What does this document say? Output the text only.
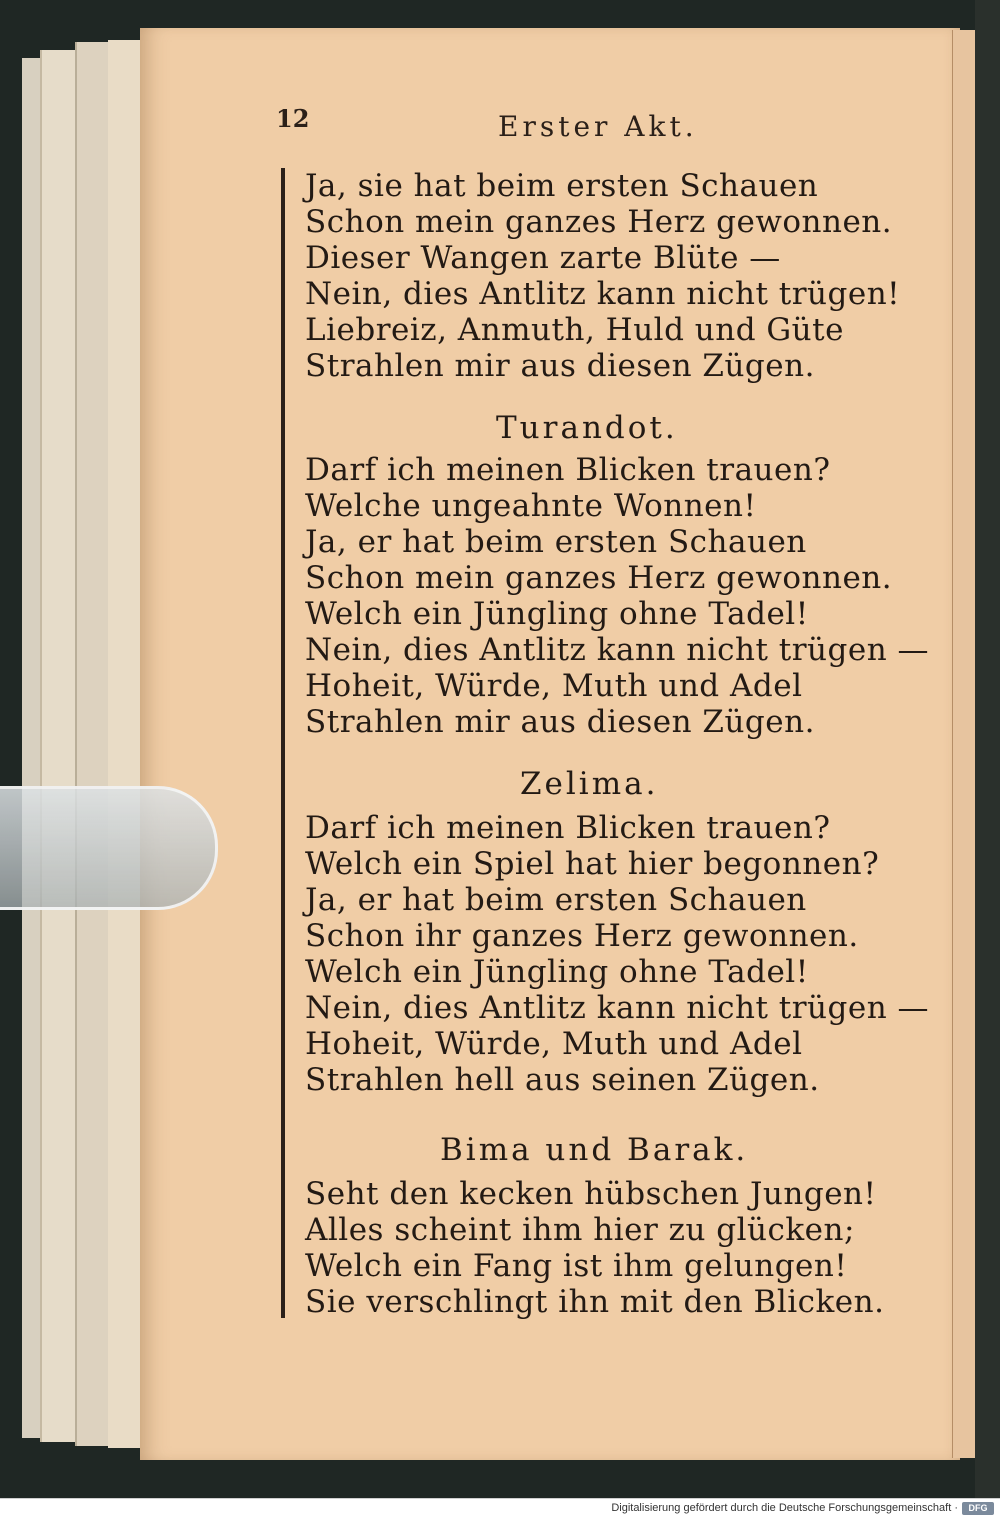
12	Erster Akt.
Ja, sie hat beim ersten Schauen
Schon mein ganzes Herz gewonnen.
Dieser Wangen zarte Blüte —
Nein, dies Antlitz kann nicht trügen!
Liebreiz, Anmuth, Huld und Güte
Strahlen mir aus diesen Zügen.
Turandot.
Darf ich meinen Blicken trauen?
Welche ungeahnte Wonnen!
Ja, er hat beim ersten Schauen
Schon mein ganzes Herz gewonnen.
Welch ein Jüngling ohne Tadel!
Nein, dies Antlitz kann nicht trügen —
Hoheit, Würde, Muth und Adel
Strahlen mir aus diesen Zügen.
Zelima.
Darf ich meinen Blicken trauen?
Welch ein Spiel hat hier begonnen?
Ja, er hat beim ersten Schauen
Schon ihr ganzes Herz gewonnen.
Welch ein Jüngling ohne Tadel!
Nein, dies Antlitz kann nicht trügen —
Hoheit, Würde, Muth und Adel
Strahlen hell aus seinen Zügen.
Bima und Barak.
Seht den kecken hübschen Jungen!
Alles scheint ihm hier zu glücken;
Welch ein Fang ist ihm gelungen!
Sie verschlingt ihn mit den Blicken.
Digitalisierung gefördert durch die Deutsche Forschungsgemeinschaft ·	DFG
